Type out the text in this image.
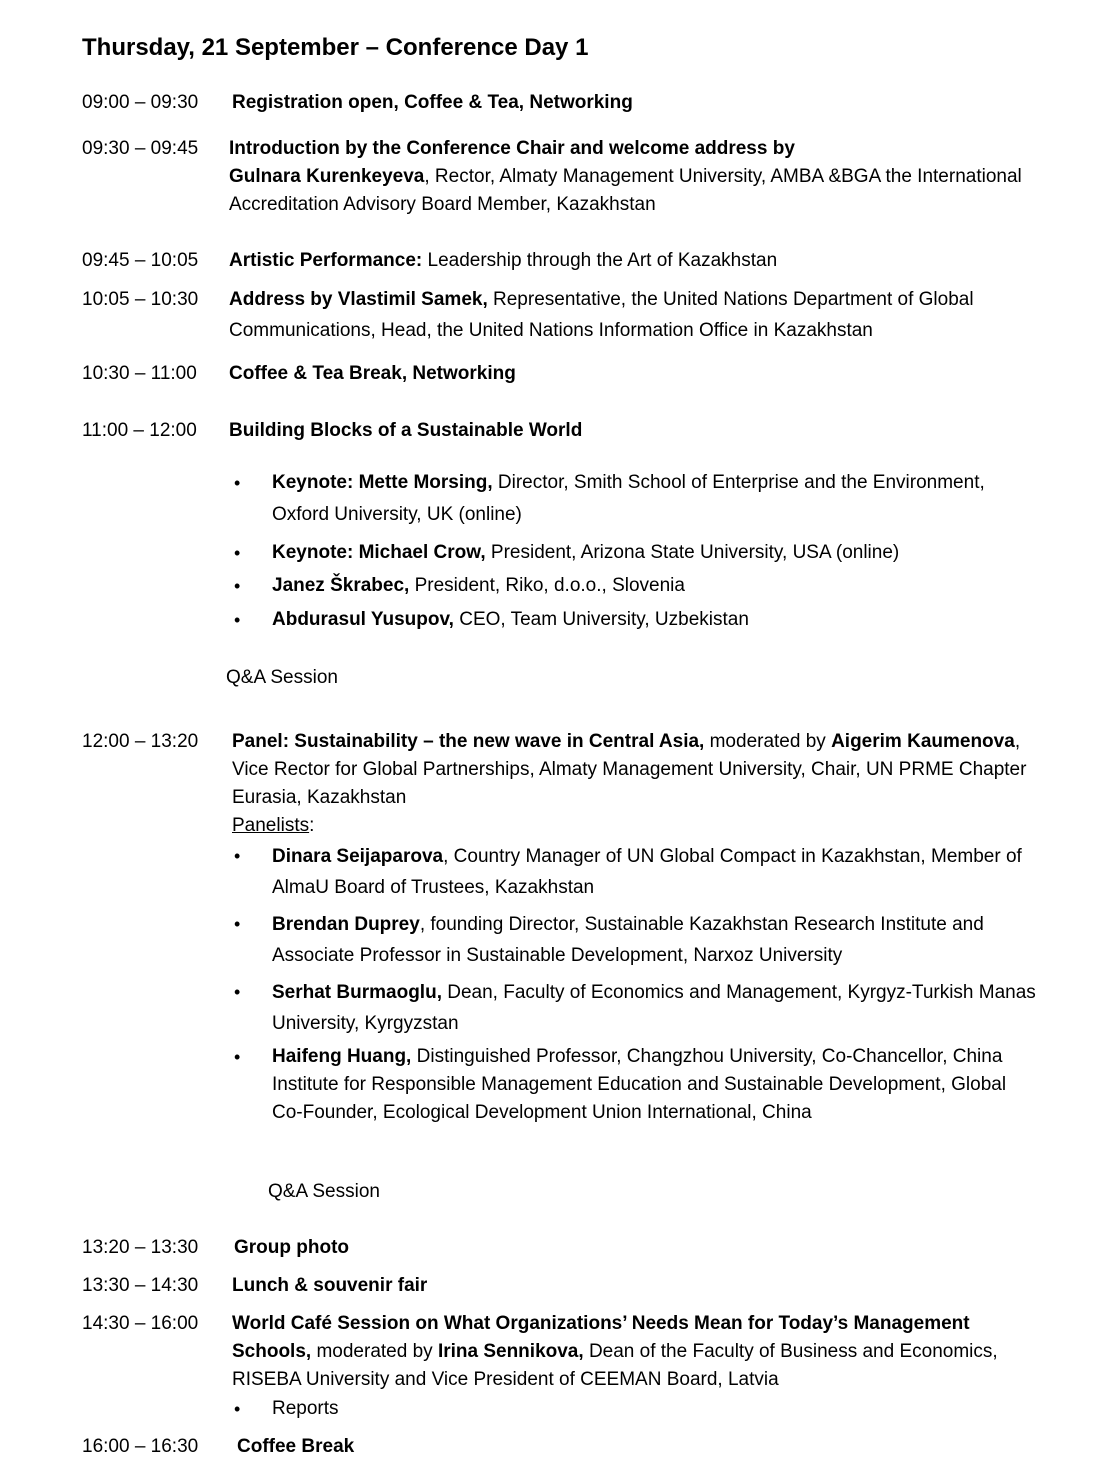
Thursday, 21 September – Conference Day 1
09:00 – 09:30	Registration open, Coffee & Tea, Networking
09:30 – 09:45	Introduction by the Conference Chair and welcome address by
Gulnara Kurenkeyeva, Rector, Almaty Management University, AMBA &BGA the International Accreditation Advisory Board Member, Kazakhstan
09:45 – 10:05	Artistic Performance: Leadership through the Art of Kazakhstan
10:05 – 10:30	Address by Vlastimil Samek, Representative, the United Nations Department of Global Communications, Head, the United Nations Information Office in Kazakhstan
10:30 – 11:00	Coffee & Tea Break, Networking
11:00 – 12:00	Building Blocks of a Sustainable World
• Keynote: Mette Morsing, Director, Smith School of Enterprise and the Environment, Oxford University, UK (online)
• Keynote: Michael Crow, President, Arizona State University, USA (online)
• Janez Škrabec, President, Riko, d.o.o., Slovenia
• Abdurasul Yusupov, CEO, Team University, Uzbekistan
Q&A Session
12:00 – 13:20	Panel: Sustainability – the new wave in Central Asia, moderated by Aigerim Kaumenova, Vice Rector for Global Partnerships, Almaty Management University, Chair, UN PRME Chapter Eurasia, Kazakhstan
Panelists:
• Dinara Seijaparova, Country Manager of UN Global Compact in Kazakhstan, Member of AlmaU Board of Trustees, Kazakhstan
• Brendan Duprey, founding Director, Sustainable Kazakhstan Research Institute and Associate Professor in Sustainable Development, Narxoz University
• Serhat Burmaoglu, Dean, Faculty of Economics and Management, Kyrgyz-Turkish Manas University, Kyrgyzstan
• Haifeng Huang, Distinguished Professor, Changzhou University, Co-Chancellor, China Institute for Responsible Management Education and Sustainable Development, Global Co-Founder, Ecological Development Union International, China
Q&A Session
13:20 – 13:30	Group photo
13:30 – 14:30	Lunch & souvenir fair
14:30 – 16:00	World Café Session on What Organizations’ Needs Mean for Today’s Management Schools, moderated by Irina Sennikova, Dean of the Faculty of Business and Economics, RISEBA University and Vice President of CEEMAN Board, Latvia
• Reports
16:00 – 16:30	Coffee Break
